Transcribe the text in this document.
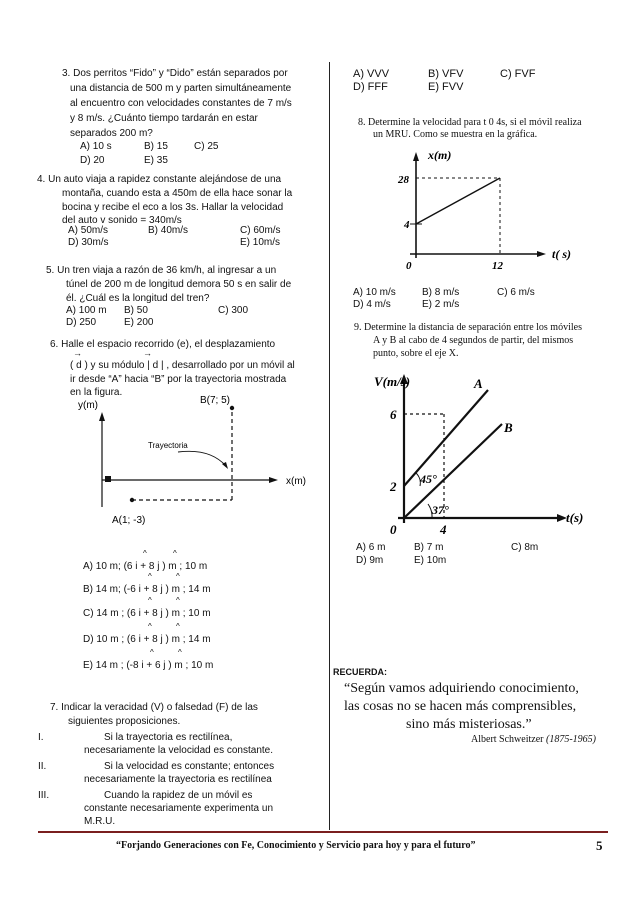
3. Dos perritos “Fido” y “Dido” están separados por
una distancia de 500 m y parten simultáneamente
al encuentro con velocidades constantes de 7 m/s
y 8 m/s. ¿Cuánto tiempo tardarán en estar
separados 200 m?
A) 10 s	B) 15	C) 25
D) 20	E) 35
4. Un auto viaja a rapidez constante alejándose de una
montaña, cuando esta a 450m de ella hace sonar la
bocina y recibe el eco a los 3s. Hallar la velocidad
del auto v sonido = 340m/s
A) 50m/s	B) 40m/s	C) 60m/s
D) 30m/s	E) 10m/s
5. Un tren viaja a razón de 36 km/h, al ingresar a un
túnel de 200 m de longitud demora 50 s en salir de
él. ¿Cuál es la longitud del tren?
A) 100 m B) 50	C) 300
D) 250	E) 200
6. Halle el espacio recorrido (e), el desplazamiento
( d ) y su módulo | d | , desarrollado por un móvil al
→	→
ir desde “A” hacia “B” por la trayectoria mostrada
en la figura.
y(m)	B(7; 5)
Trayectoria
x(m)
A(1; -3)
A) 10 m; (6 i + 8 j ) m ; 10 m
B) 14 m; (-6 i + 8 j ) m ; 14 m
C) 14 m ; (6 i + 8 j ) m ; 10 m
D) 10 m ; (6 i + 8 j ) m ; 14 m
E) 14 m ; (-8 i + 6 j ) m ; 10 m
^	^
^	^
^	^
^	^
^	^
7. Indicar la veracidad (V) o falsedad (F) de las
siguientes proposiciones.
I.	Si la trayectoria es rectilínea,
necesariamente la velocidad es constante.
II.	Si la velocidad es constante; entonces
necesariamente la trayectoria es rectilínea
III.	Cuando la rapidez de un móvil es
constante necesariamente experimenta un
M.R.U.
A) VVV	B) VFV	C) FVF
D) FFF	E) FVV
8. Determine la velocidad para t 0 4s, si el móvil realiza
un MRU. Como se muestra en la gráfica.
x(m)
28
4
0	12
t( s)
A) 10 m/s	B) 8 m/s	C) 6 m/s
D) 4 m/s	E) 2 m/s
9. Determine la distancia de separación entre los móviles
A y B al cabo de 4 segundos de partir, del mismos
punto, sobre el eje X.
V(m/s)	A
B
6
2
0	4
45°
37°	t(s)
A) 6 m	B) 7 m	C) 8m
D) 9m	E) 10m
RECUERDA:
“Según vamos adquiriendo conocimiento,
las cosas no se hacen más comprensibles,
sino más misteriosas.”
Albert Schweitzer (1875-1965)
“Forjando Generaciones con Fe, Conocimiento y Servicio para hoy y para el futuro”	5
